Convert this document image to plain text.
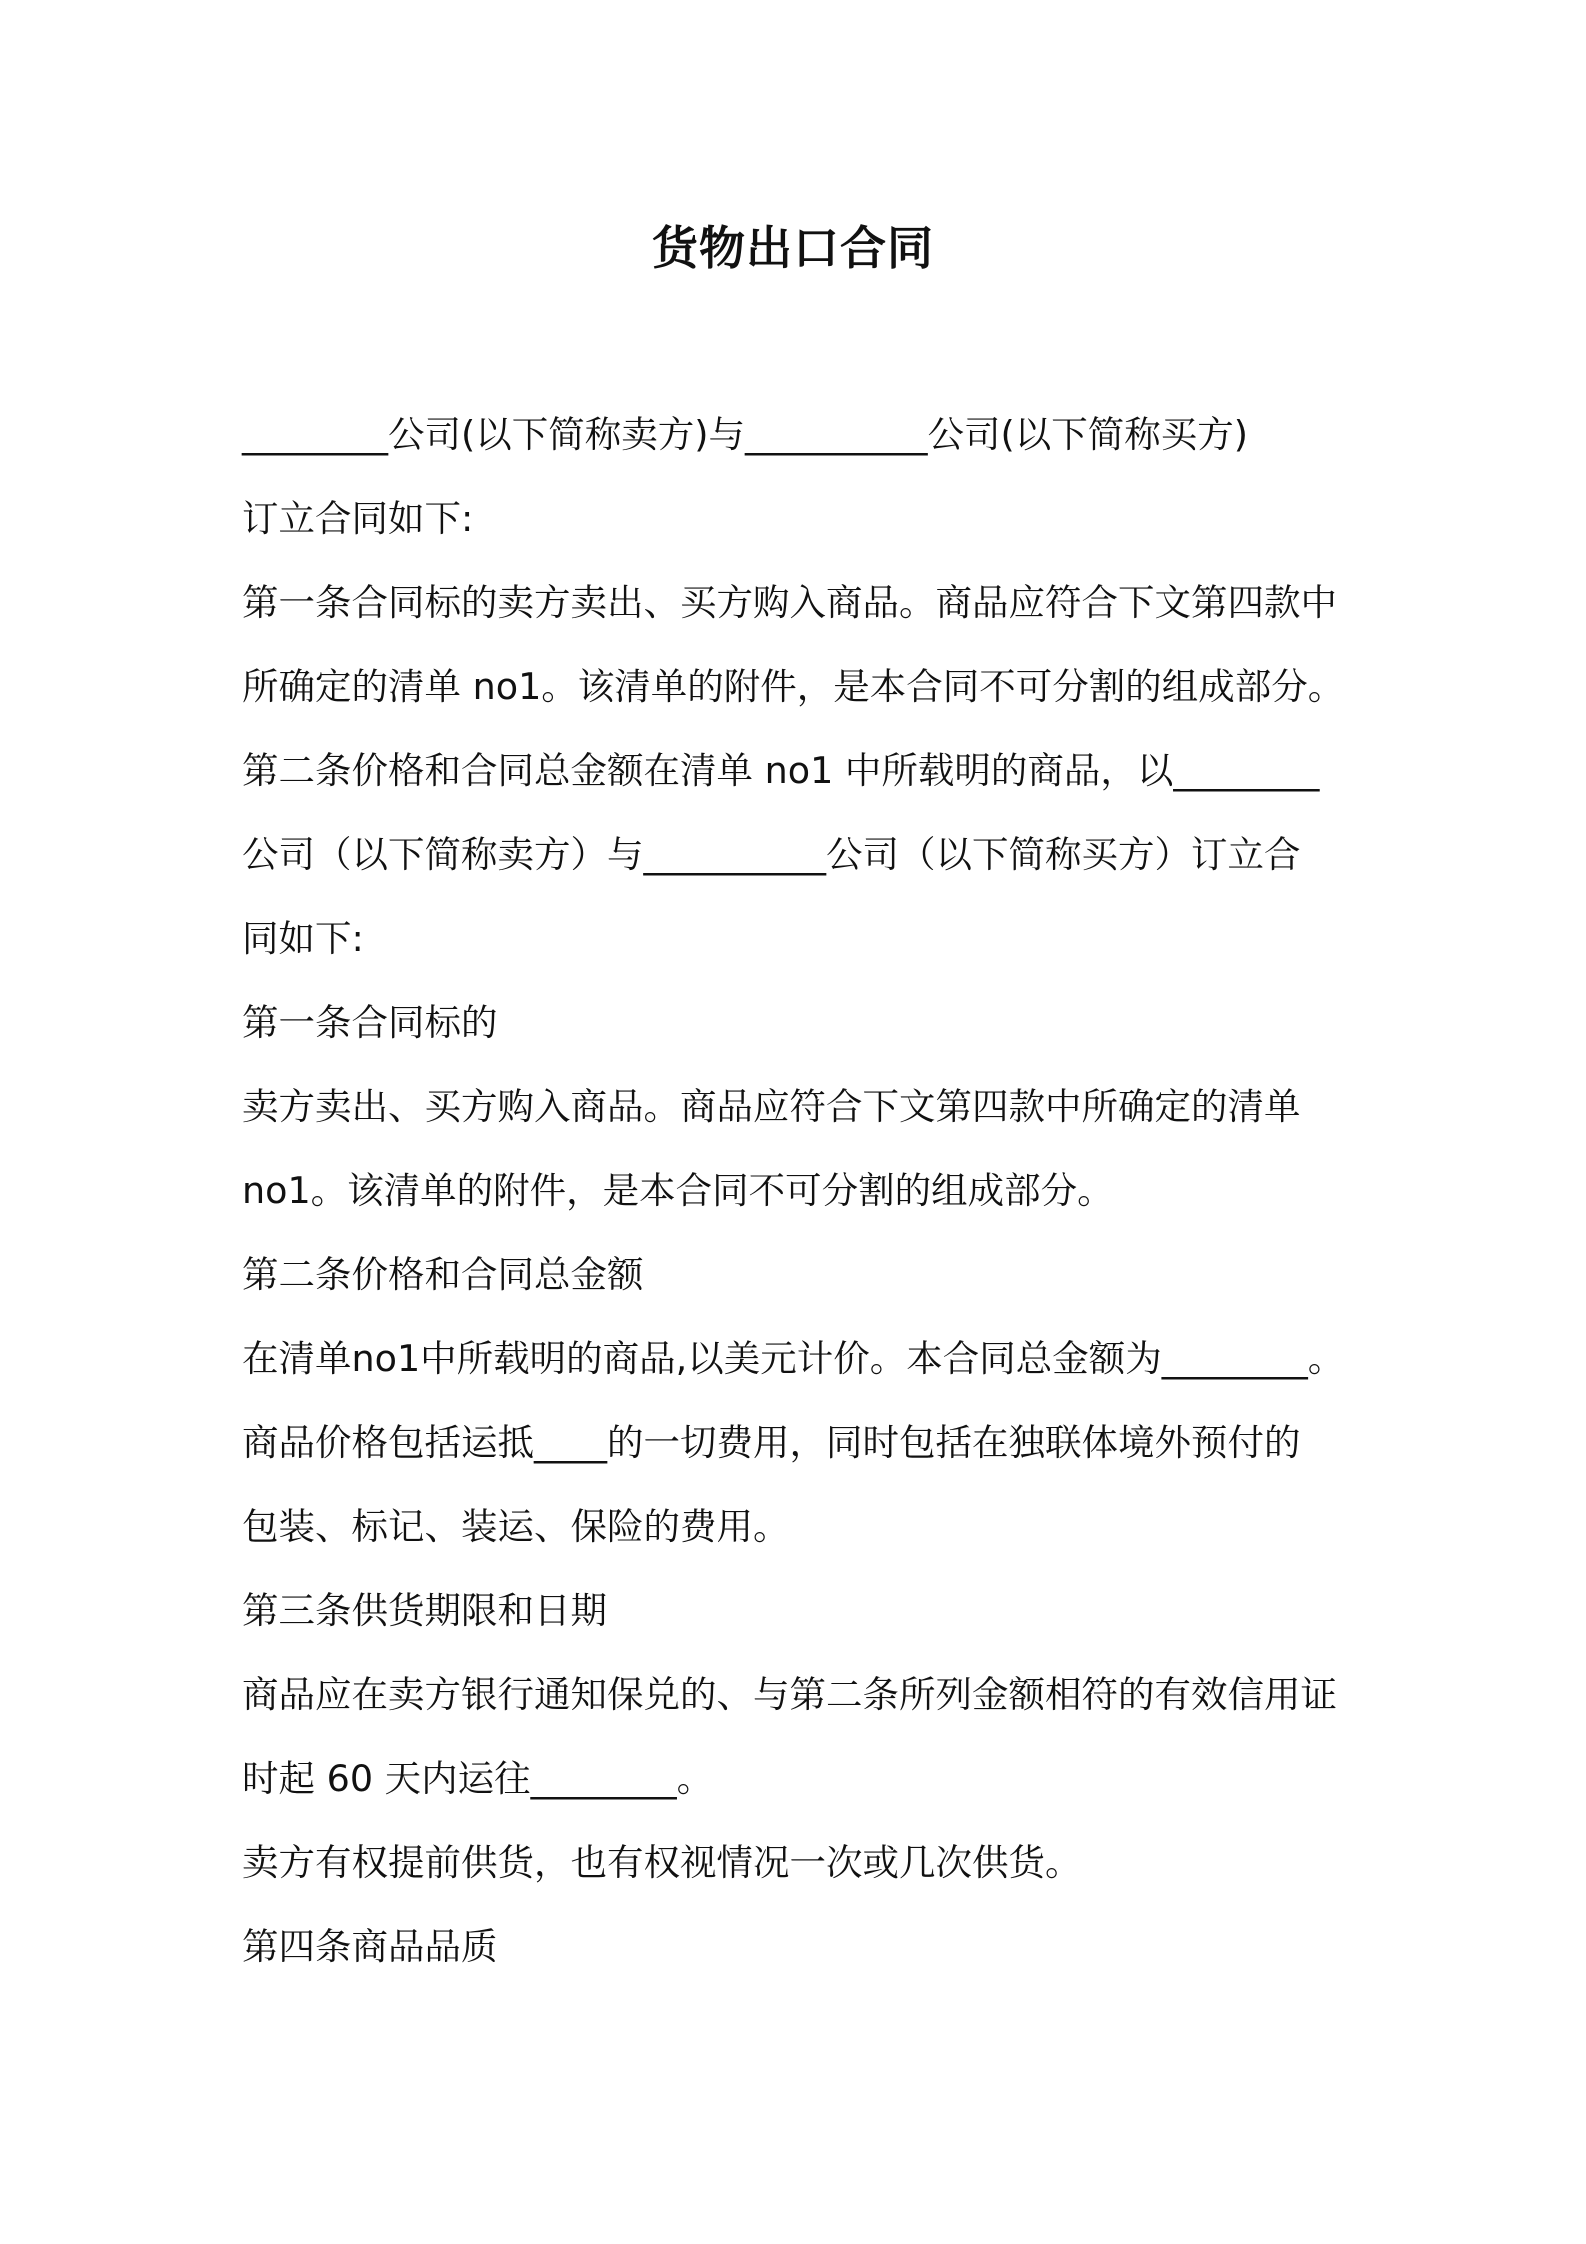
货物出口合同
________公司(以下简称卖方)与__________公司(以下简称买方)
订立合同如下:
第一条合同标的卖方卖出、买方购入商品。商品应符合下文第四款中
所确定的清单 no1。该清单的附件，是本合同不可分割的组成部分。
第二条价格和合同总金额在清单 no1 中所载明的商品，以________
公司（以下简称卖方）与__________公司（以下简称买方）订立合
同如下:
第一条合同标的
卖方卖出、买方购入商品。商品应符合下文第四款中所确定的清单
no1。该清单的附件，是本合同不可分割的组成部分。
第二条价格和合同总金额
在清单no1中所载明的商品,以美元计价。本合同总金额为________。
商品价格包括运抵____的一切费用，同时包括在独联体境外预付的
包装、标记、装运、保险的费用。
第三条供货期限和日期
商品应在卖方银行通知保兑的、与第二条所列金额相符的有效信用证
时起 60 天内运往________。
卖方有权提前供货，也有权视情况一次或几次供货。
第四条商品品质
